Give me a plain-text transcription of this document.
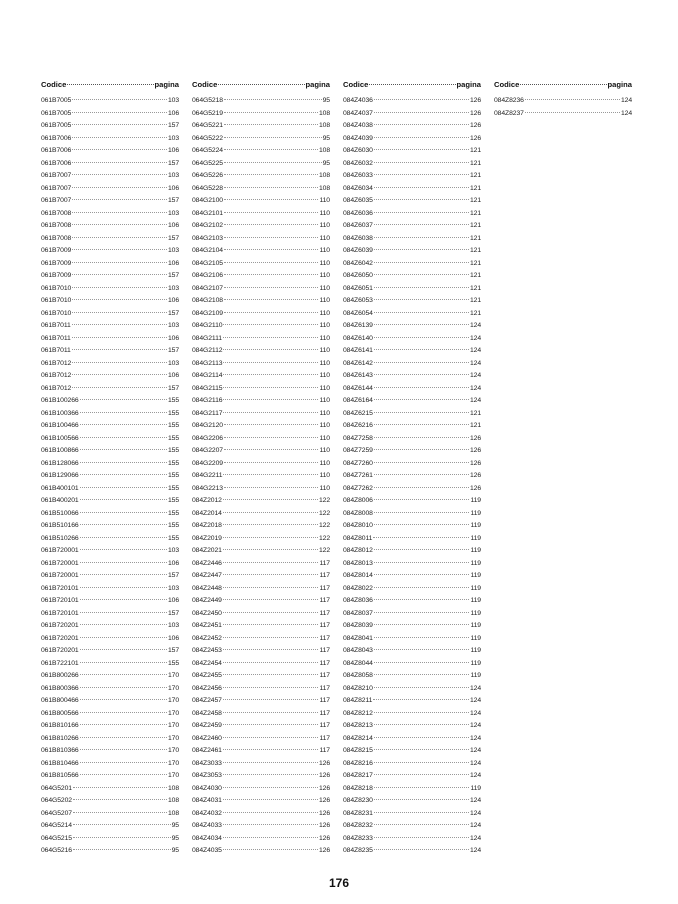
Codice	pagina
061B7005	103
061B7005	106
061B7005	157
061B7006	103
061B7006	106
061B7006	157
061B7007	103
061B7007	106
061B7007	157
061B7008	103
061B7008	106
061B7008	157
061B7009	103
061B7009	106
061B7009	157
061B7010	103
061B7010	106
061B7010	157
061B7011	103
061B7011	106
061B7011	157
061B7012	103
061B7012	106
061B7012	157
061B100266	155
061B100366	155
061B100466	155
061B100566	155
061B100866	155
061B128066	155
061B129066	155
061B400101	155
061B400201	155
061B510066	155
061B510166	155
061B510266	155
061B720001	103
061B720001	106
061B720001	157
061B720101	103
061B720101	106
061B720101	157
061B720201	103
061B720201	106
061B720201	157
061B722101	155
061B800266	170
061B800366	170
061B800466	170
061B800566	170
061B810166	170
061B810266	170
061B810366	170
061B810466	170
061B810566	170
064G5201	108
064G5202	108
064G5207	108
064G5214	95
064G5215	95
064G5216	95
Codice	pagina
064G5218	95
064G5219	108
064G5221	108
064G5222	95
064G5224	108
064G5225	95
064G5226	108
064G5228	108
084G2100	110
084G2101	110
084G2102	110
084G2103	110
084G2104	110
084G2105	110
084G2106	110
084G2107	110
084G2108	110
084G2109	110
084G2110	110
084G2111	110
084G2112	110
084G2113	110
084G2114	110
084G2115	110
084G2116	110
084G2117	110
084G2120	110
084G2206	110
084G2207	110
084G2209	110
084G2211	110
084G2213	110
084Z2012	122
084Z2014	122
084Z2018	122
084Z2019	122
084Z2021	122
084Z2446	117
084Z2447	117
084Z2448	117
084Z2449	117
084Z2450	117
084Z2451	117
084Z2452	117
084Z2453	117
084Z2454	117
084Z2455	117
084Z2456	117
084Z2457	117
084Z2458	117
084Z2459	117
084Z2460	117
084Z2461	117
084Z3033	126
084Z3053	126
084Z4030	126
084Z4031	126
084Z4032	126
084Z4033	126
084Z4034	126
084Z4035	126
Codice	pagina
084Z4036	126
084Z4037	126
084Z4038	126
084Z4039	126
084Z6030	121
084Z6032	121
084Z6033	121
084Z6034	121
084Z6035	121
084Z6036	121
084Z6037	121
084Z6038	121
084Z6039	121
084Z6042	121
084Z6050	121
084Z6051	121
084Z6053	121
084Z6054	121
084Z6139	124
084Z6140	124
084Z6141	124
084Z6142	124
084Z6143	124
084Z6144	124
084Z6164	124
084Z6215	121
084Z6216	121
084Z7258	126
084Z7259	126
084Z7260	126
084Z7261	126
084Z7262	126
084Z8006	119
084Z8008	119
084Z8010	119
084Z8011	119
084Z8012	119
084Z8013	119
084Z8014	119
084Z8022	119
084Z8036	119
084Z8037	119
084Z8039	119
084Z8041	119
084Z8043	119
084Z8044	119
084Z8058	119
084Z8210	124
084Z8211	124
084Z8212	124
084Z8213	124
084Z8214	124
084Z8215	124
084Z8216	124
084Z8217	124
084Z8218	119
084Z8230	124
084Z8231	124
084Z8232	124
084Z8233	124
084Z8235	124
Codice	pagina
084Z8236	124
084Z8237	124
176
